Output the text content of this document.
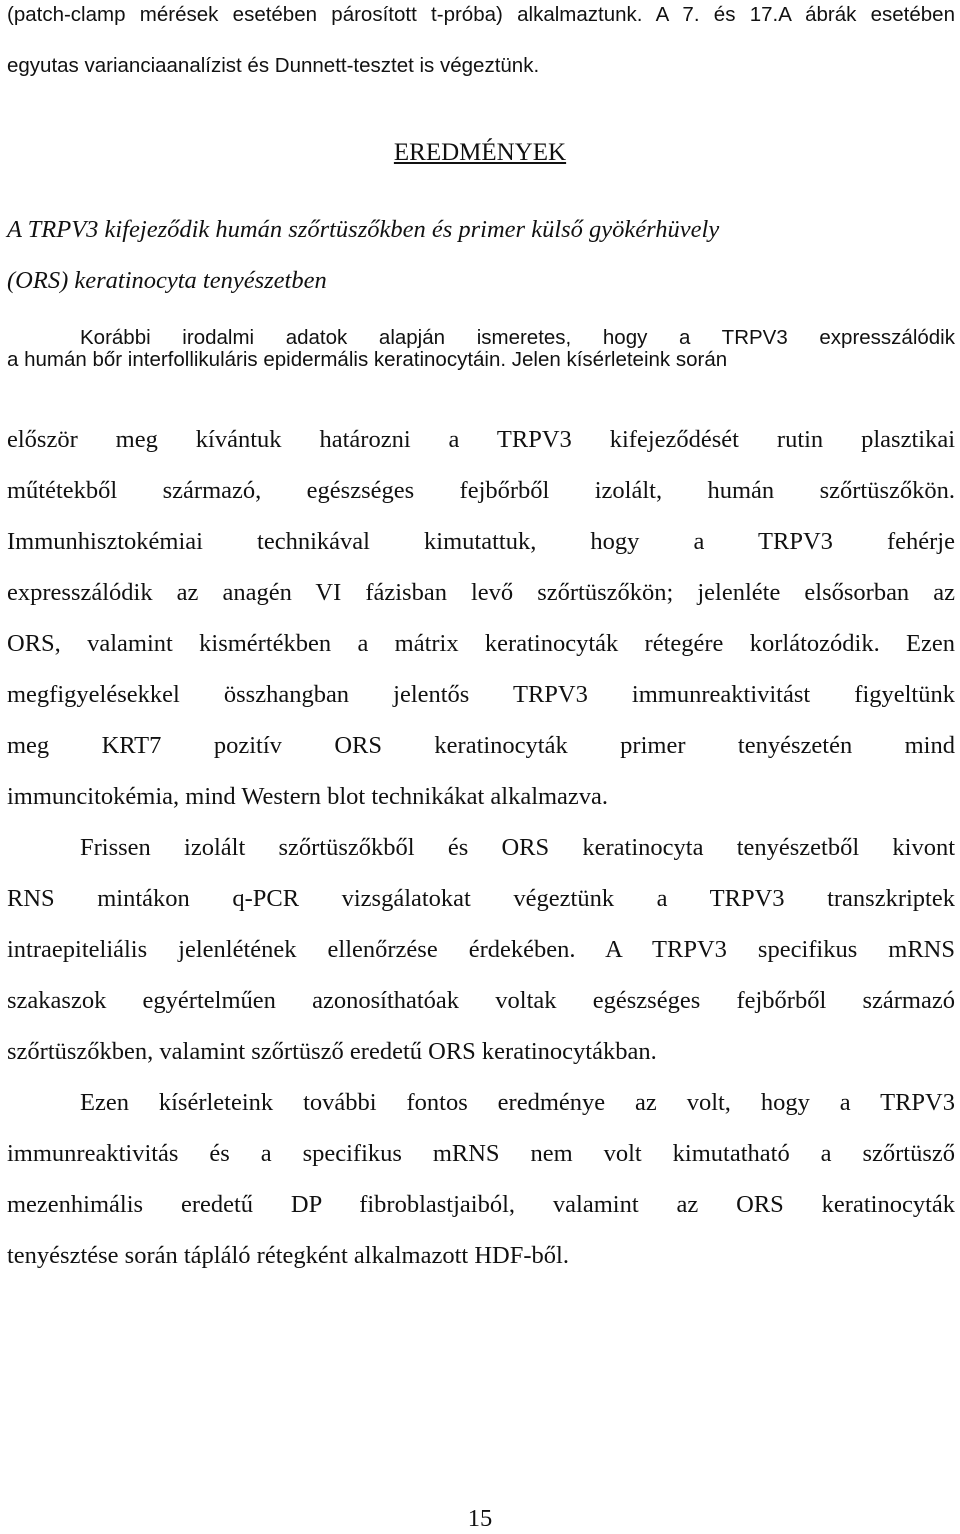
(patch-clamp mérések esetében párosított t-próba) alkalmaztunk. A 7. és 17.A ábrák esetében
egyutas varianciaanalízist és Dunnett-tesztet is végeztünk.
EREDMÉNYEK
A TRPV3 kifejeződik humán szőrtüszőkben és primer külső gyökérhüvely
(ORS) keratinocyta tenyészetben
Korábbi irodalmi adatok alapján ismeretes, hogy a TRPV3 expresszálódik
a humán bőr interfollikuláris epidermális keratinocytáin. Jelen kísérleteink során
először meg kívántuk határozni a TRPV3 kifejeződését rutin plasztikai
műtétekből származó, egészséges fejbőrből izolált, humán szőrtüszőkön.
Immunhisztokémiai technikával kimutattuk, hogy a TRPV3 fehérje
expresszálódik az anagén VI fázisban levő szőrtüszőkön; jelenléte elsősorban az
ORS, valamint kismértékben a mátrix keratinocyták rétegére korlátozódik. Ezen
megfigyelésekkel összhangban jelentős TRPV3 immunreaktivitást figyeltünk
meg KRT7 pozitív ORS keratinocyták primer tenyészetén mind
immuncitokémia, mind Western blot technikákat alkalmazva.
Frissen izolált szőrtüszőkből és ORS keratinocyta tenyészetből kivont
RNS mintákon q-PCR vizsgálatokat végeztünk a TRPV3 transzkriptek
intraepiteliális jelenlétének ellenőrzése érdekében. A TRPV3 specifikus mRNS
szakaszok egyértelműen azonosíthatóak voltak egészséges fejbőrből származó
szőrtüszőkben, valamint szőrtüsző eredetű ORS keratinocytákban.
Ezen kísérleteink további fontos eredménye az volt, hogy a TRPV3
immunreaktivitás és a specifikus mRNS nem volt kimutatható a szőrtüsző
mezenhimális eredetű DP fibroblastjaiból, valamint az ORS keratinocyták
tenyésztése során tápláló rétegként alkalmazott HDF-ből.
15
